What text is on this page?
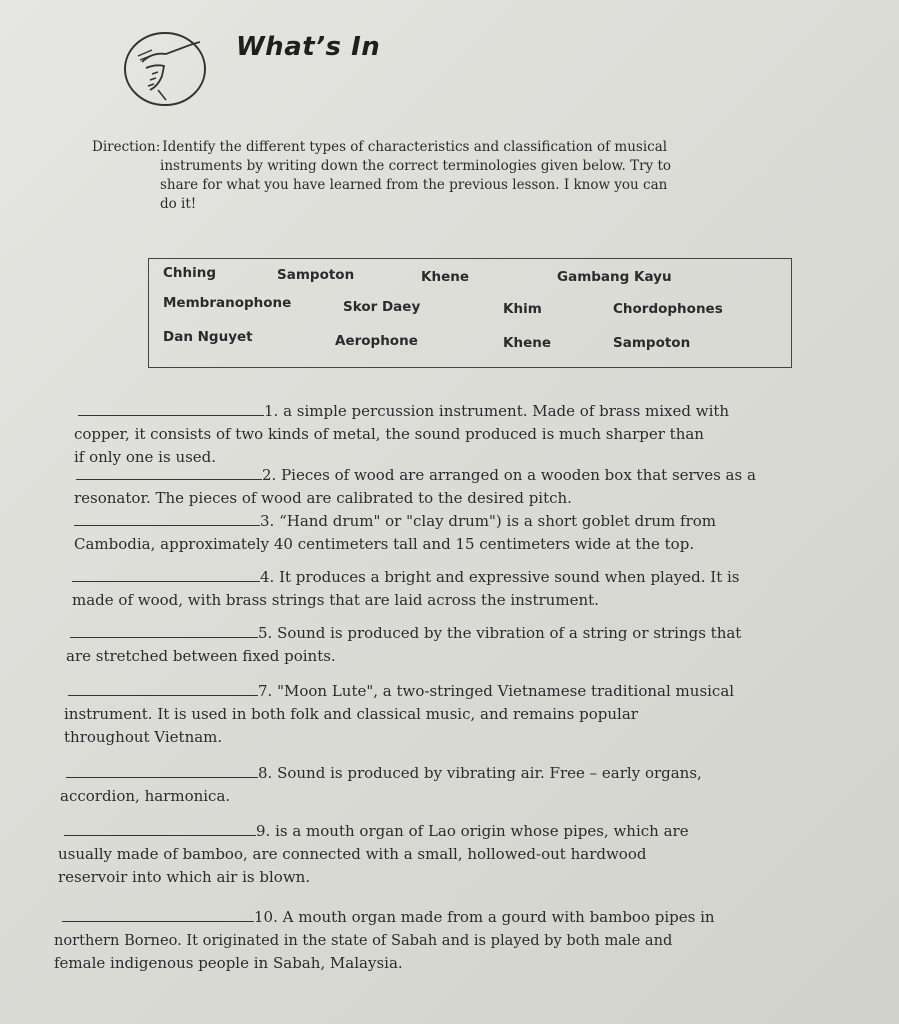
What’s In
Direction: Identify the different types of characteristics and classification of musical
instruments by writing down the correct terminologies given below. Try to
share for what you have learned from the previous lesson. I know you can
do it!
Chhing	Sampoton	Khene	Gambang Kayu
Membranophone	Skor Daey	Khim	Chordophones
Dan Nguyet	Aerophone	Khene	Sampoton
1. a simple percussion instrument. Made of brass mixed with
copper, it consists of two kinds of metal, the sound produced is much sharper than
if only one is used.
2. Pieces of wood are arranged on a wooden box that serves as a
resonator. The pieces of wood are calibrated to the desired pitch.
3. “Hand drum" or "clay drum") is a short goblet drum from
Cambodia, approximately 40 centimeters tall and 15 centimeters wide at the top.
4. It produces a bright and expressive sound when played. It is
made of wood, with brass strings that are laid across the instrument.
5. Sound is produced by the vibration of a string or strings that
are stretched between fixed points.
7. "Moon Lute", a two-stringed Vietnamese traditional musical
instrument. It is used in both folk and classical music, and remains popular
throughout Vietnam.
8. Sound is produced by vibrating air. Free – early organs,
accordion, harmonica.
9. is a mouth organ of Lao origin whose pipes, which are
usually made of bamboo, are connected with a small, hollowed-out hardwood
reservoir into which air is blown.
10. A mouth organ made from a gourd with bamboo pipes in
northern Borneo. It originated in the state of Sabah and is played by both male and
female indigenous people in Sabah, Malaysia.
